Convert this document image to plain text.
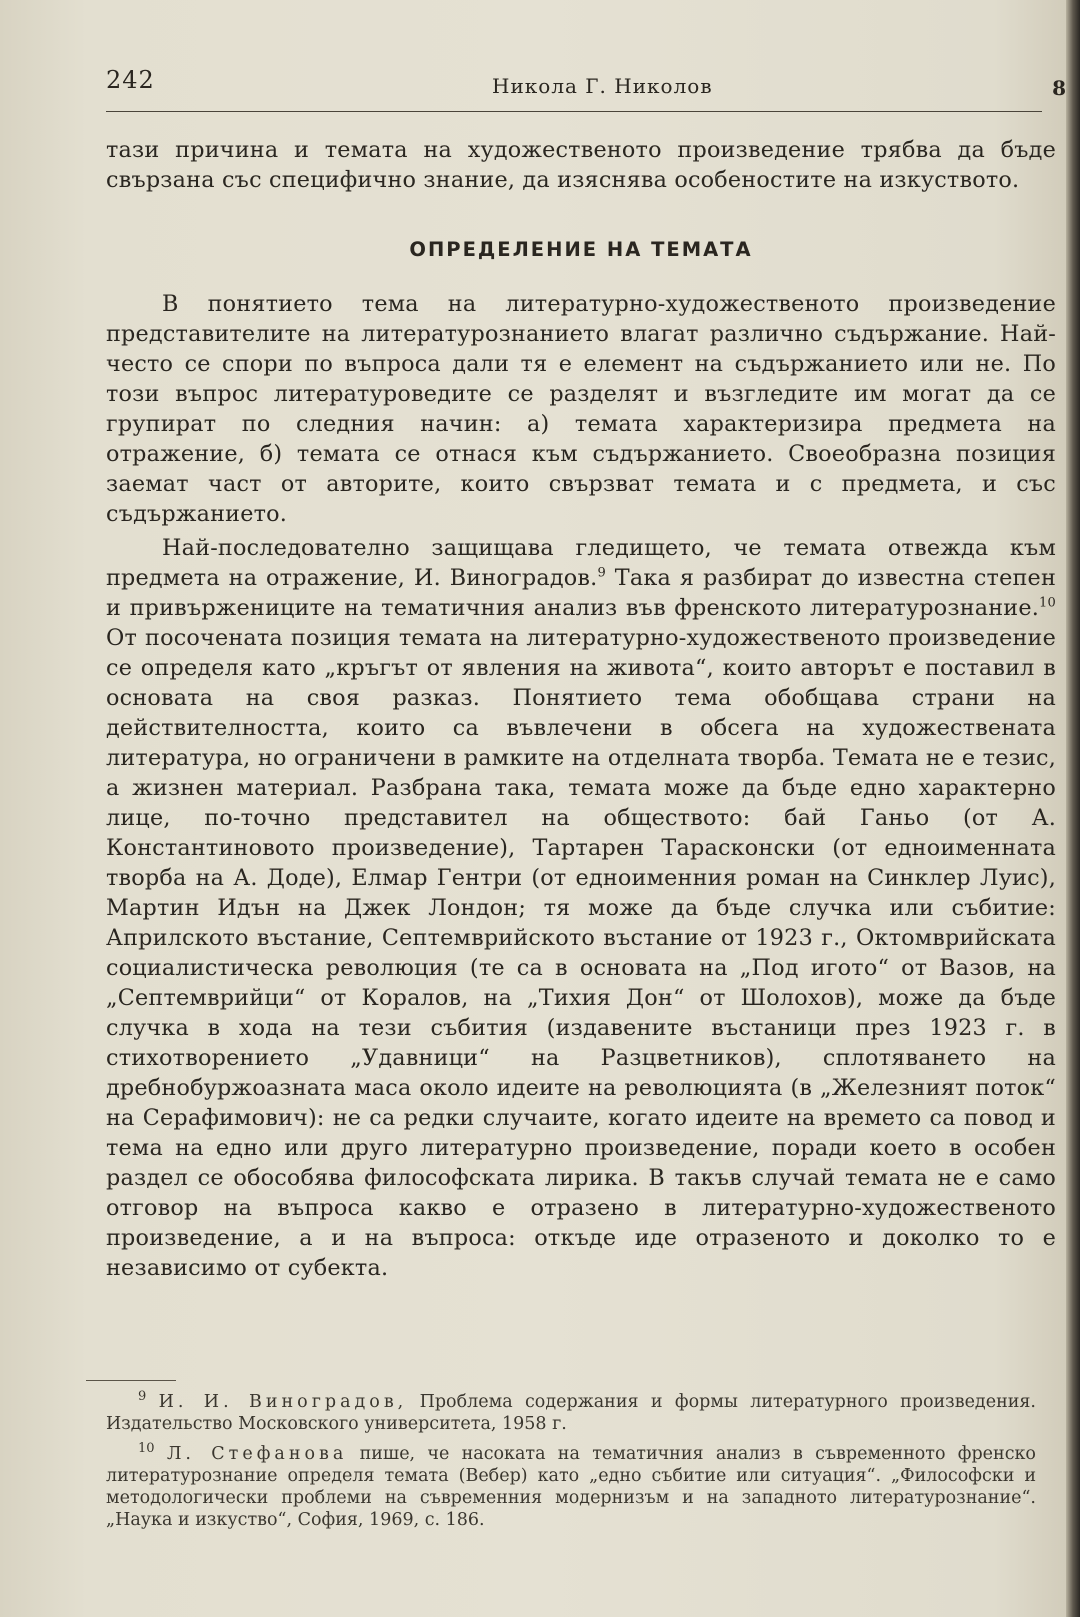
242	Никола Г. Николов	8

тази причина и темата на художественото произведение трябва да бъде свързана със специфично знание, да изяснява особеностите на изкуството.

ОПРЕДЕЛЕНИЕ НА ТЕМАТА

В понятието тема на литературно-художественото произведение представителите на литературознанието влагат различно съдържание. Най-често се спори по въпроса дали тя е елемент на съдържанието или не. По този въпрос литературоведите се разделят и възгледите им могат да се групират по следния начин: а) темата характеризира предмета на отражение, б) темата се отнася към съдържанието. Своеобразна позиция заемат част от авторите, които свързват темата и с предмета, и със съдържанието.

Най-последователно защищава гледището, че темата отвежда към предмета на отражение, И. Виноградов.$^9$ Така я разбират до известна степен и привържениците на тематичния анализ във френското литературознание.$^{10}$ От посочената позиция темата на литературно-художественото произведение се определя като „кръгът от явления на живота“, които авторът е поставил в основата на своя разказ. Понятието тема обобщава страни на действителността, които са въвлечени в обсега на художествената литература, но ограничени в рамките на отделната творба. Темата не е тезис, а жизнен материал. Разбрана така, темата може да бъде едно характерно лице, по-точно представител на обществото: бай Ганьо (от А. Константиновото произведение), Тартарен Тарасконски (от едноименната творба на А. Доде), Елмар Гентри (от едноименния роман на Синклер Луис), Мартин Идън на Джек Лондон; тя може да бъде случка или събитие: Априлското въстание, Септемврийското въстание от 1923 г., Октомврийската социалистическа революция (те са в основата на „Под игото“ от Вазов, на „Септемврийци“ от Коралов, на „Тихия Дон“ от Шолохов), може да бъде случка в хода на тези събития (издавените въстаници през 1923 г. в стихотворението „Удавници“ на Разцветников), сплотяването на дребнобуржоазната маса около идеите на революцията (в „Железният поток“ на Серафимович): не са редки случаите, когато идеите на времето са повод и тема на едно или друго литературно произведение, поради което в особен раздел се обособява философската лирика. В такъв случай темата не е само отговор на въпроса какво е отразено в литературно-художественото произведение, а и на въпроса: откъде иде отразеното и доколко то е независимо от субекта.

$^9$ И. И. Виноградов, Проблема содержания и формы литературного произведения. Издательство Московского университета, 1958 г.

$^{10}$ Л. Стефанова пише, че насоката на тематичния анализ в съвременното френско литературознание определя темата (Вебер) като „едно събитие или ситуация“. „Философски и методологически проблеми на съвременния модернизъм и на западното литературознание“. „Наука и изкуство“, София, 1969, с. 186.
